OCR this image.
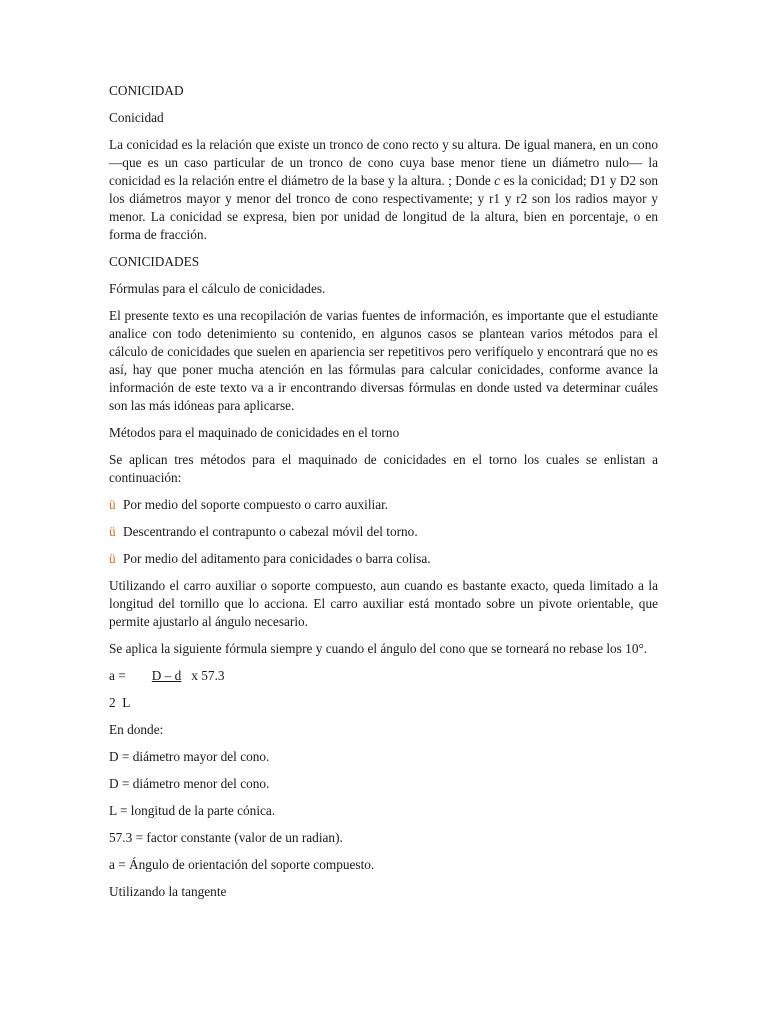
CONICIDAD

Conicidad

La conicidad es la relación que existe un tronco de cono recto y su altura. De igual manera, en un cono —que es un caso particular de un tronco de cono cuya base menor tiene un diámetro nulo— la conicidad es la relación entre el diámetro de la base y la altura. ; Donde c es la conicidad; D1 y D2 son los diámetros mayor y menor del tronco de cono respectivamente; y r1 y r2 son los radios mayor y menor. La conicidad se expresa, bien por unidad de longitud de la altura, bien en porcentaje, o en forma de fracción.

CONICIDADES

Fórmulas para el cálculo de conicidades.

El presente texto es una recopilación de varias fuentes de información, es importante que el estudiante analice con todo detenimiento su contenido, en algunos casos se plantean varios métodos para el cálculo de conicidades que suelen en apariencia ser repetitivos pero verifíquelo y encontrará que no es así, hay que poner mucha atención en las fórmulas para calcular conicidades, conforme avance la información de este texto va a ir encontrando diversas fórmulas en donde usted va determinar cuáles son las más idóneas para aplicarse.

Métodos para el maquinado de conicidades en el torno

Se aplican tres métodos para el maquinado de conicidades en el torno los cuales se enlistan a continuación:

ü Por medio del soporte compuesto o carro auxiliar.
ü Descentrando el contrapunto o cabezal móvil del torno.
ü Por medio del aditamento para conicidades o barra colisa.

Utilizando el carro auxiliar o soporte compuesto, aun cuando es bastante exacto, queda limitado a la longitud del tornillo que lo acciona. El carro auxiliar está montado sobre un pivote orientable, que permite ajustarlo al ángulo necesario.

Se aplica la siguiente fórmula siempre y cuando el ángulo del cono que se torneará no rebase los 10°.

a = D – d x 57.3
2  L

En donde:

D = diámetro mayor del cono.

D = diámetro menor del cono.

L = longitud de la parte cónica.

57.3 = factor constante (valor de un radian).

a = Ángulo de orientación del soporte compuesto.

Utilizando la tangente
